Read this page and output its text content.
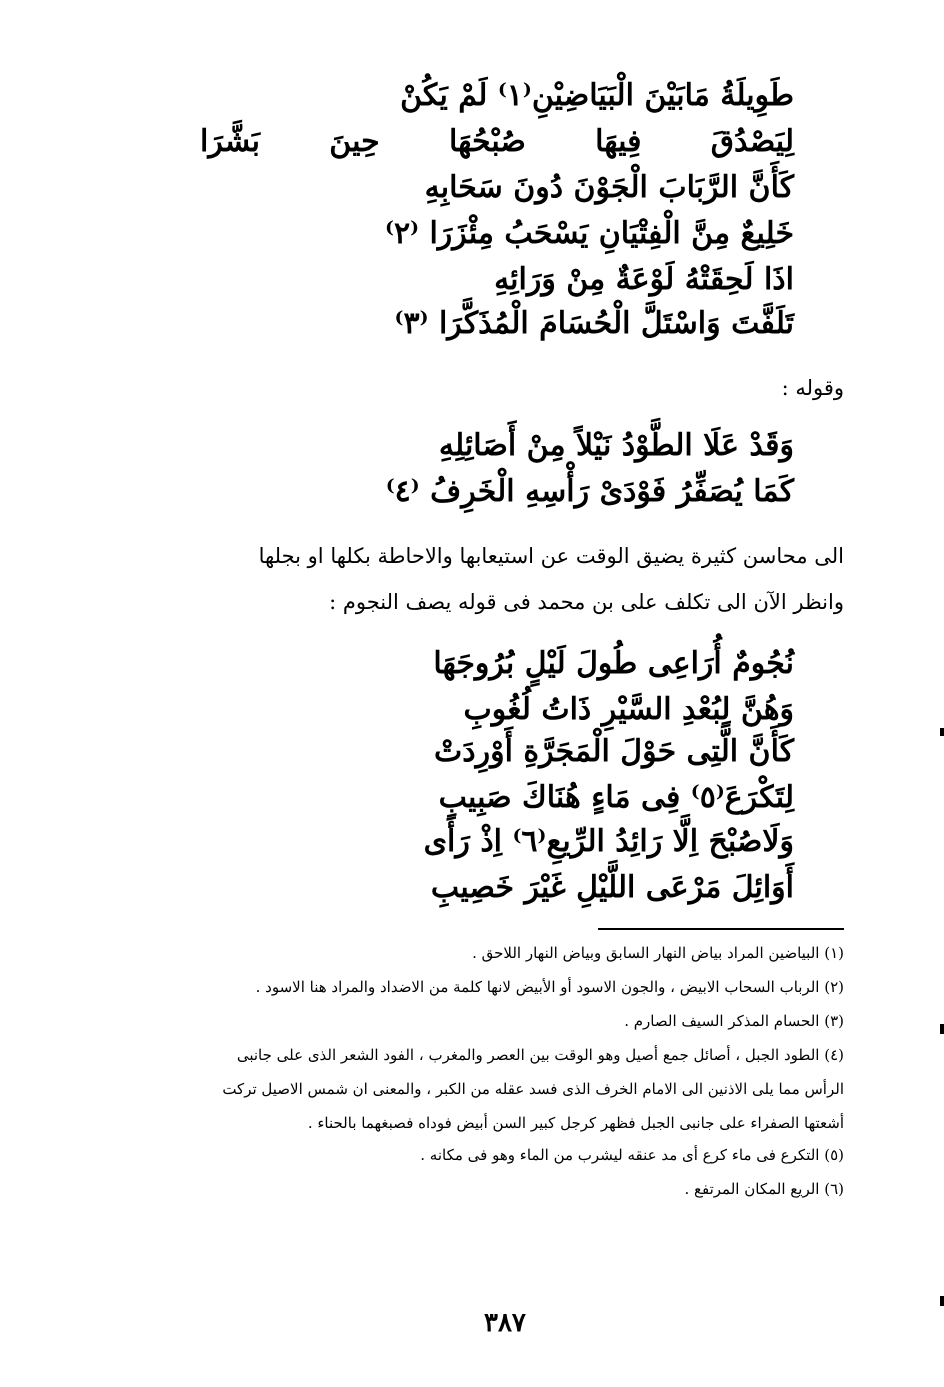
طَوِيلَةُ مَابَيْنَ الْبَيَاضِيْنِ⁽١⁾ لَمْ يَكُنْ
لِيَصْدُقَ فِيهَا صُبْحُهَا حِينَ بَشَّرَا
كَأَنَّ الرَّبَابَ الْجَوْنَ دُونَ سَحَابِهِ
خَلِيعٌ مِنَّ الْفِتْيَانِ يَسْحَبُ مِئْزَرَا ⁽٢⁾
اذَا لَحِقَتْهُ لَوْعَةٌ مِنْ وَرَائِهِ
تَلَفَّتَ وَاسْتَلَّ الْحُسَامَ الْمُذَكَّرَا ⁽٣⁾
وقوله :
وَقَدْ عَلَا الطَّوْدُ نَيْلاً مِنْ أَصَائِلِهِ
كَمَا يُصَفِّرُ فَوْدَىْ رَأْسِهِ الْخَرِفُ ⁽٤⁾
الى محاسن كثيرة يضيق الوقت عن استيعابها والاحاطة بكلها او بجلها
وانظر الآن الى تكلف على بن محمد فى قوله يصف النجوم :
نُجُومٌ أُرَاعِى طُولَ لَيْلٍ بُرُوجَهَا
وَهُنَّ لِبُعْدِ السَّيْرِ ذَاتُ لُغُوبِ
كَأَنَّ الَّتِى حَوْلَ الْمَجَرَّةِ أَوْرِدَتْ
لِتَكْرَعَ⁽٥⁾ فِى مَاءٍ هُنَاكَ صَبِيبِ
وَلَاصُبْحَ اِلَّا رَائِدُ الرِّيعِ⁽٦⁾ اِذْ رَأَى
أَوَائِلَ مَرْعَى اللَّيْلِ غَيْرَ خَصِيبِ
(١) البياضين المراد بياض النهار السابق وبياض النهار اللاحق .
(٢) الرباب السحاب الابيض ، والجون الاسود أو الأبيض لانها كلمة من الاضداد والمراد هنا الاسود .
(٣) الحسام المذكر السيف الصارم .
(٤) الطود الجبل ، أصائل جمع أصيل وهو الوقت بين العصر والمغرب ، الفود الشعر الذى على جانبى
الرأس مما يلى الاذنين الى الامام الخرف الذى فسد عقله من الكبر ، والمعنى ان شمس الاصيل تركت
أشعتها الصفراء على جانبى الجبل فظهر كرجل كبير السن أبيض فوداه فصبغهما بالحناء .
(٥) التكرع فى ماء كرع أى مد عنقه ليشرب من الماء وهو فى مكانه .
(٦) الريع المكان المرتفع .
٣٨٧
